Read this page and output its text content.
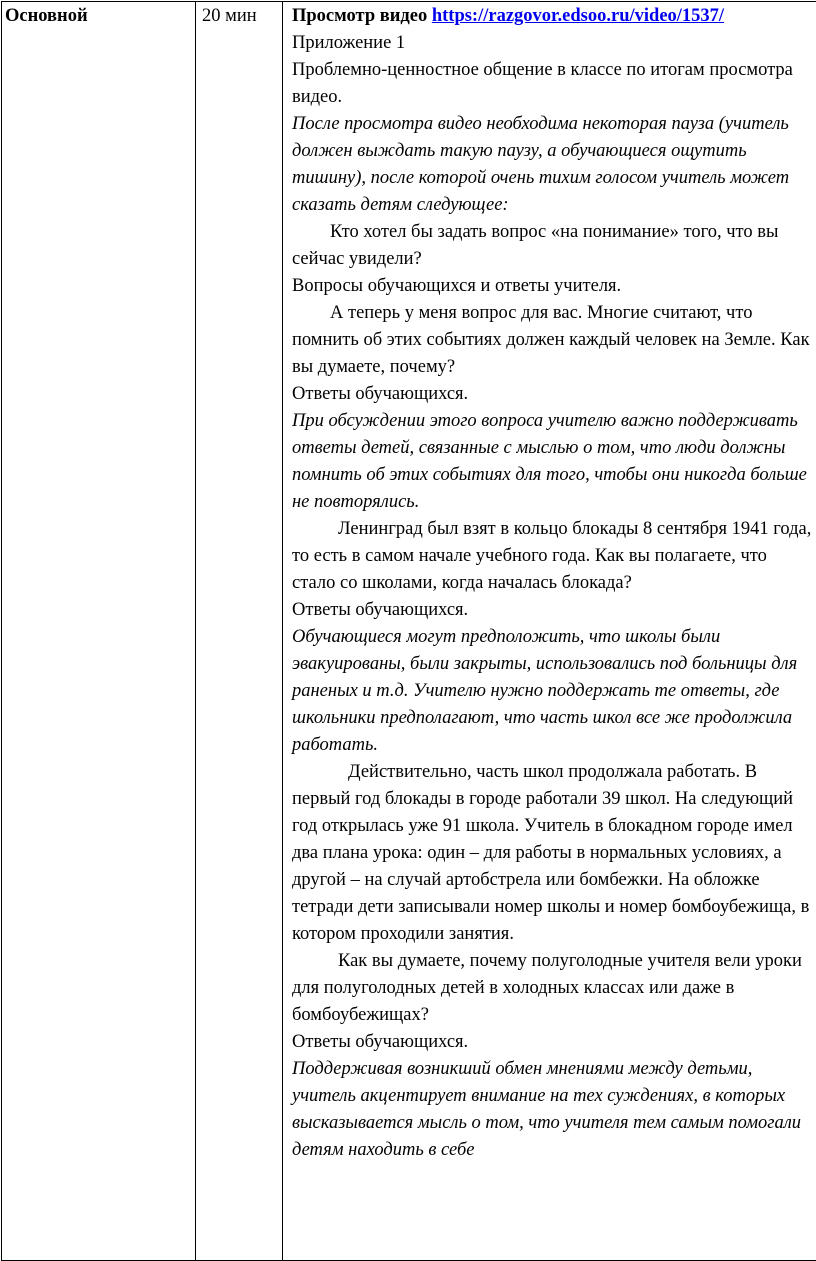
Основной	20 мин	Просмотр видео https://razgovor.edsoo.ru/video/1537/

Приложение 1

Проблемно-ценностное общение в классе по итогам просмотра видео.

После просмотра видео необходима некоторая пауза (учитель должен выждать такую паузу, а обучающиеся ощутить тишину), после которой очень тихим голосом учитель может сказать детям следующее:

Кто хотел бы задать вопрос «на понимание» того, что вы сейчас увидели?

Вопросы обучающихся и ответы учителя.

А теперь у меня вопрос для вас. Многие считают, что помнить об этих событиях должен каждый человек на Земле. Как вы думаете, почему?

Ответы обучающихся.

При обсуждении этого вопроса учителю важно поддерживать ответы детей, связанные с мыслью о том, что люди должны помнить об этих событиях для того, чтобы они никогда больше не повторялись.

Ленинград был взят в кольцо блокады 8 сентября 1941 года, то есть в самом начале учебного года. Как вы полагаете, что стало со школами, когда началась блокада?

Ответы обучающихся.

Обучающиеся могут предположить, что школы были эвакуированы, были закрыты, использовались под больницы для раненых и т.д. Учителю нужно поддержать те ответы, где школьники предполагают, что часть школ все же продолжила работать.

Действительно, часть школ продолжала работать. В первый год блокады в городе работали 39 школ. На следующий год открылась уже 91 школа. Учитель в блокадном городе имел два плана урока: один – для работы в нормальных условиях, а другой – на случай артобстрела или бомбежки. На обложке тетради дети записывали номер школы и номер бомбоубежища, в котором проходили занятия.

Как вы думаете, почему полуголодные учителя вели уроки для полуголодных детей в холодных классах или даже в бомбоубежищах?

Ответы обучающихся.

Поддерживая возникший обмен мнениями между детьми, учитель акцентирует внимание на тех суждениях, в которых высказывается мысль о том, что учителя тем самым помогали детям находить в себе
